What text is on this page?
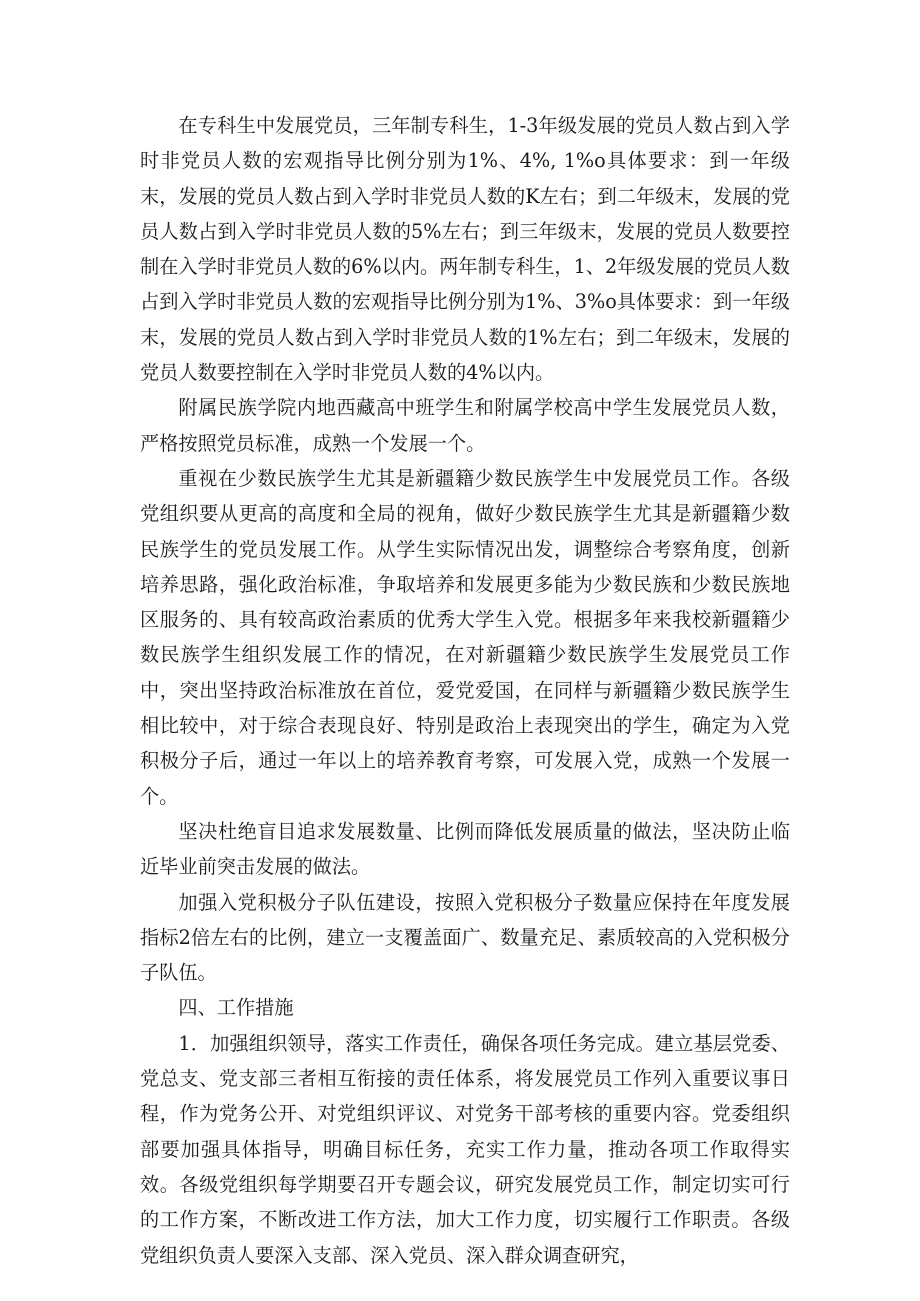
在专科生中发展党员，三年制专科生，1-3年级发展的党员人数占到入学时非党员人数的宏观指导比例分别为1%、4%, 1%o具体要求：到一年级末，发展的党员人数占到入学时非党员人数的K左右；到二年级末，发展的党员人数占到入学时非党员人数的5%左右；到三年级末，发展的党员人数要控制在入学时非党员人数的6%以内。两年制专科生，1、2年级发展的党员人数占到入学时非党员人数的宏观指导比例分别为1%、3%o具体要求：到一年级末，发展的党员人数占到入学时非党员人数的1%左右；到二年级末，发展的党员人数要控制在入学时非党员人数的4%以内。

附属民族学院内地西藏高中班学生和附属学校高中学生发展党员人数，严格按照党员标准，成熟一个发展一个。

重视在少数民族学生尤其是新疆籍少数民族学生中发展党员工作。各级党组织要从更高的高度和全局的视角，做好少数民族学生尤其是新疆籍少数民族学生的党员发展工作。从学生实际情况出发，调整综合考察角度，创新培养思路，强化政治标准，争取培养和发展更多能为少数民族和少数民族地区服务的、具有较高政治素质的优秀大学生入党。根据多年来我校新疆籍少数民族学生组织发展工作的情况，在对新疆籍少数民族学生发展党员工作中，突出坚持政治标准放在首位，爱党爱国，在同样与新疆籍少数民族学生相比较中，对于综合表现良好、特别是政治上表现突出的学生，确定为入党积极分子后，通过一年以上的培养教育考察，可发展入党，成熟一个发展一个。

坚决杜绝盲目追求发展数量、比例而降低发展质量的做法，坚决防止临近毕业前突击发展的做法。

加强入党积极分子队伍建设，按照入党积极分子数量应保持在年度发展指标2倍左右的比例，建立一支覆盖面广、数量充足、素质较高的入党积极分子队伍。

四、工作措施

1．加强组织领导，落实工作责任，确保各项任务完成。建立基层党委、党总支、党支部三者相互衔接的责任体系，将发展党员工作列入重要议事日程，作为党务公开、对党组织评议、对党务干部考核的重要内容。党委组织部要加强具体指导，明确目标任务，充实工作力量，推动各项工作取得实效。各级党组织每学期要召开专题会议，研究发展党员工作，制定切实可行的工作方案，不断改进工作方法，加大工作力度，切实履行工作职责。各级党组织负责人要深入支部、深入党员、深入群众调查研究，
